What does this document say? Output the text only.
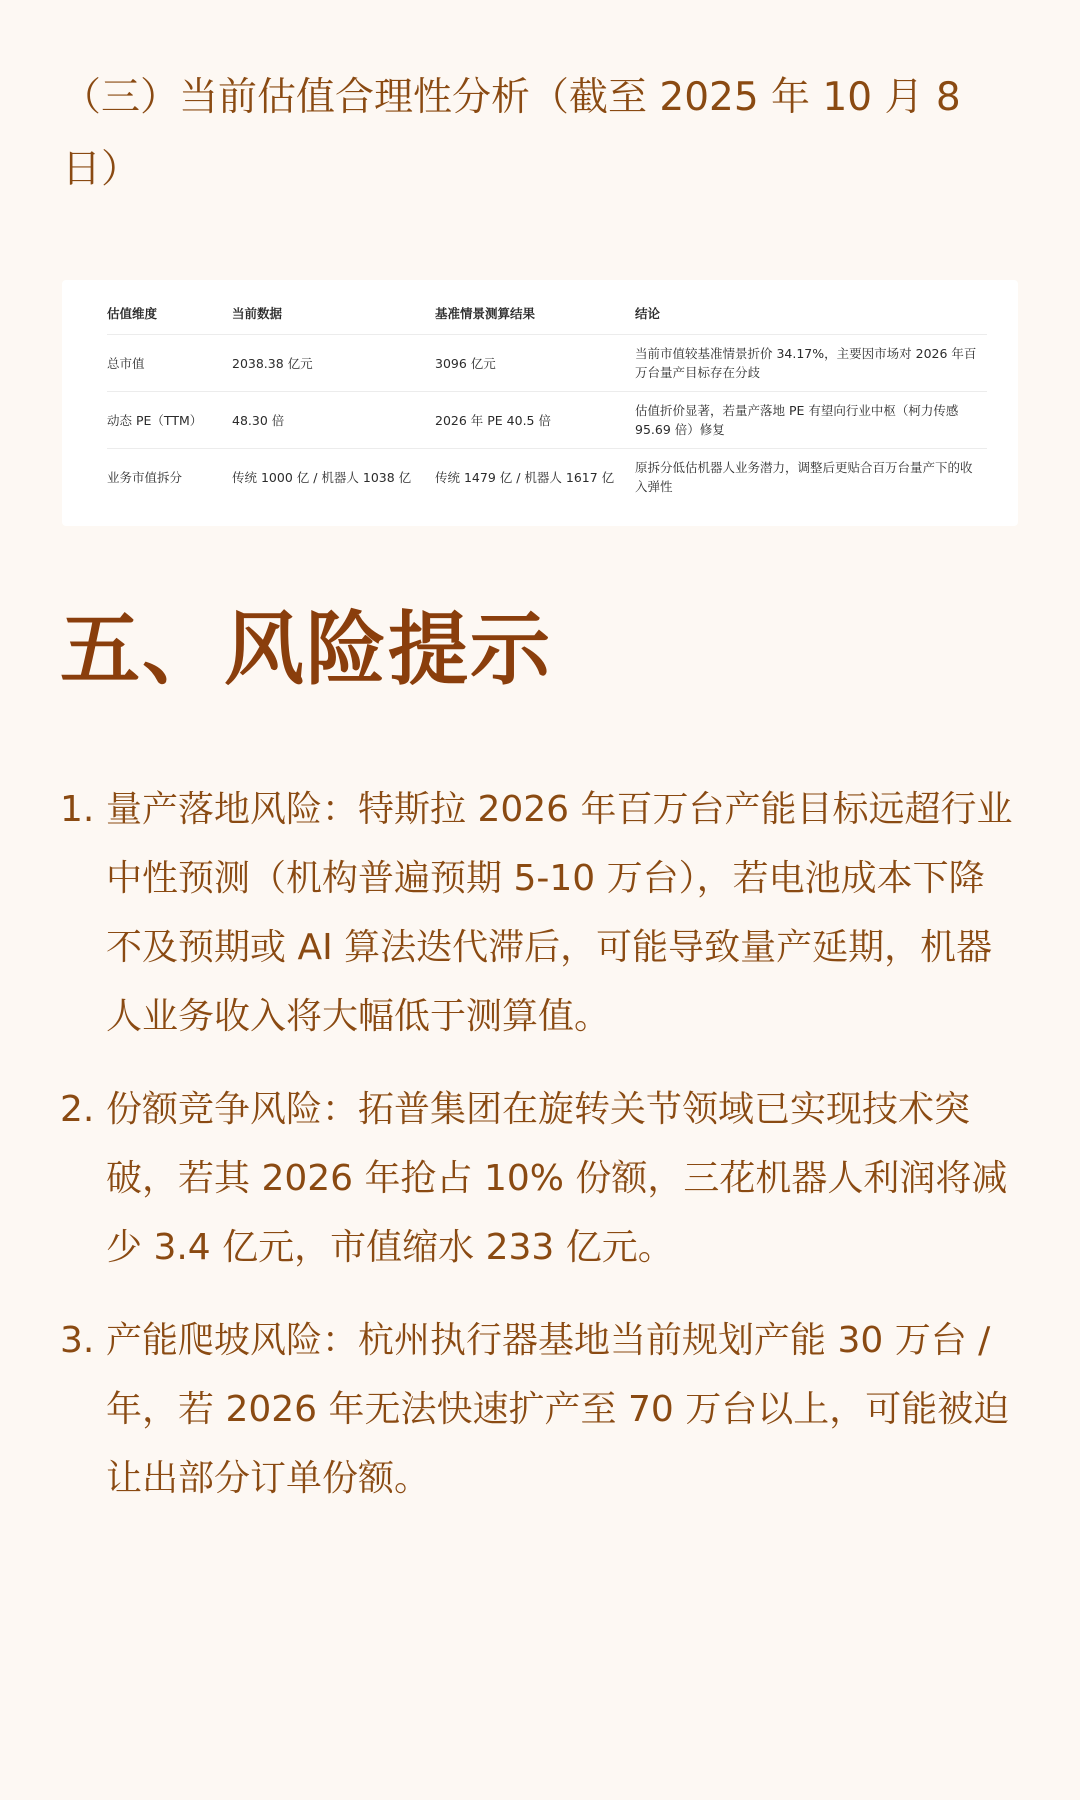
（三）当前估值合理性分析（截至 2025 年 10 月 8 日）
估值维度	当前数据	基准情景测算结果	结论
总市值	2038.38 亿元	3096 亿元	当前市值较基准情景折价 34.17%，主要因市场对 2026 年百万台量产目标存在分歧
动态 PE（TTM）	48.30 倍	2026 年 PE 40.5 倍	估值折价显著，若量产落地 PE 有望向行业中枢（柯力传感 95.69 倍）修复
业务市值拆分	传统 1000 亿 / 机器人 1038 亿	传统 1479 亿 / 机器人 1617 亿	原拆分低估机器人业务潜力，调整后更贴合百万台量产下的收入弹性
五、风险提示
1. 量产落地风险：特斯拉 2026 年百万台产能目标远超行业中性预测（机构普遍预期 5-10 万台），若电池成本下降不及预期或 AI 算法迭代滞后，可能导致量产延期，机器人业务收入将大幅低于测算值。
2. 份额竞争风险：拓普集团在旋转关节领域已实现技术突破，若其 2026 年抢占 10% 份额，三花机器人利润将减少 3.4 亿元，市值缩水 233 亿元。
3. 产能爬坡风险：杭州执行器基地当前规划产能 30 万台 / 年，若 2026 年无法快速扩产至 70 万台以上，可能被迫让出部分订单份额。
